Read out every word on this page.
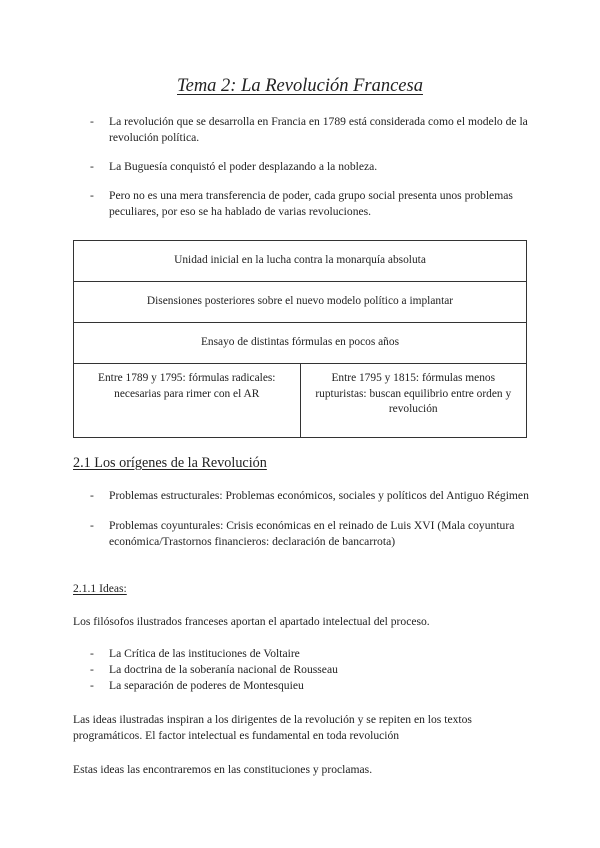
Tema 2: La Revolución Francesa
- La revolución que se desarrolla en Francia en 1789 está considerada como el modelo de la revolución política.
- La Buguesía conquistó el poder desplazando a la nobleza.
- Pero no es una mera transferencia de poder, cada grupo social presenta unos problemas peculiares, por eso se ha hablado de varias revoluciones.
Unidad inicial en la lucha contra la monarquía absoluta
Disensiones posteriores sobre el nuevo modelo político a implantar
Ensayo de distintas fórmulas en pocos años
Entre 1789 y 1795: fórmulas radicales: necesarias para rimer con el AR	Entre 1795 y 1815: fórmulas menos rupturistas: buscan equilibrio entre orden y revolución
2.1 Los orígenes de la Revolución
- Problemas estructurales: Problemas económicos, sociales y políticos del Antiguo Régimen
- Problemas coyunturales: Crisis económicas en el reinado de Luis XVI (Mala coyuntura económica/Trastornos financieros: declaración de bancarrota)
2.1.1 Ideas:

Los filósofos ilustrados franceses aportan el apartado intelectual del proceso.

- La Crítica de las instituciones de Voltaire
- La doctrina de la soberanía nacional de Rousseau
- La separación de poderes de Montesquieu

Las ideas ilustradas inspiran a los dirigentes de la revolución y se repiten en los textos programáticos. El factor intelectual es fundamental en toda revolución

Estas ideas las encontraremos en las constituciones y proclamas.
